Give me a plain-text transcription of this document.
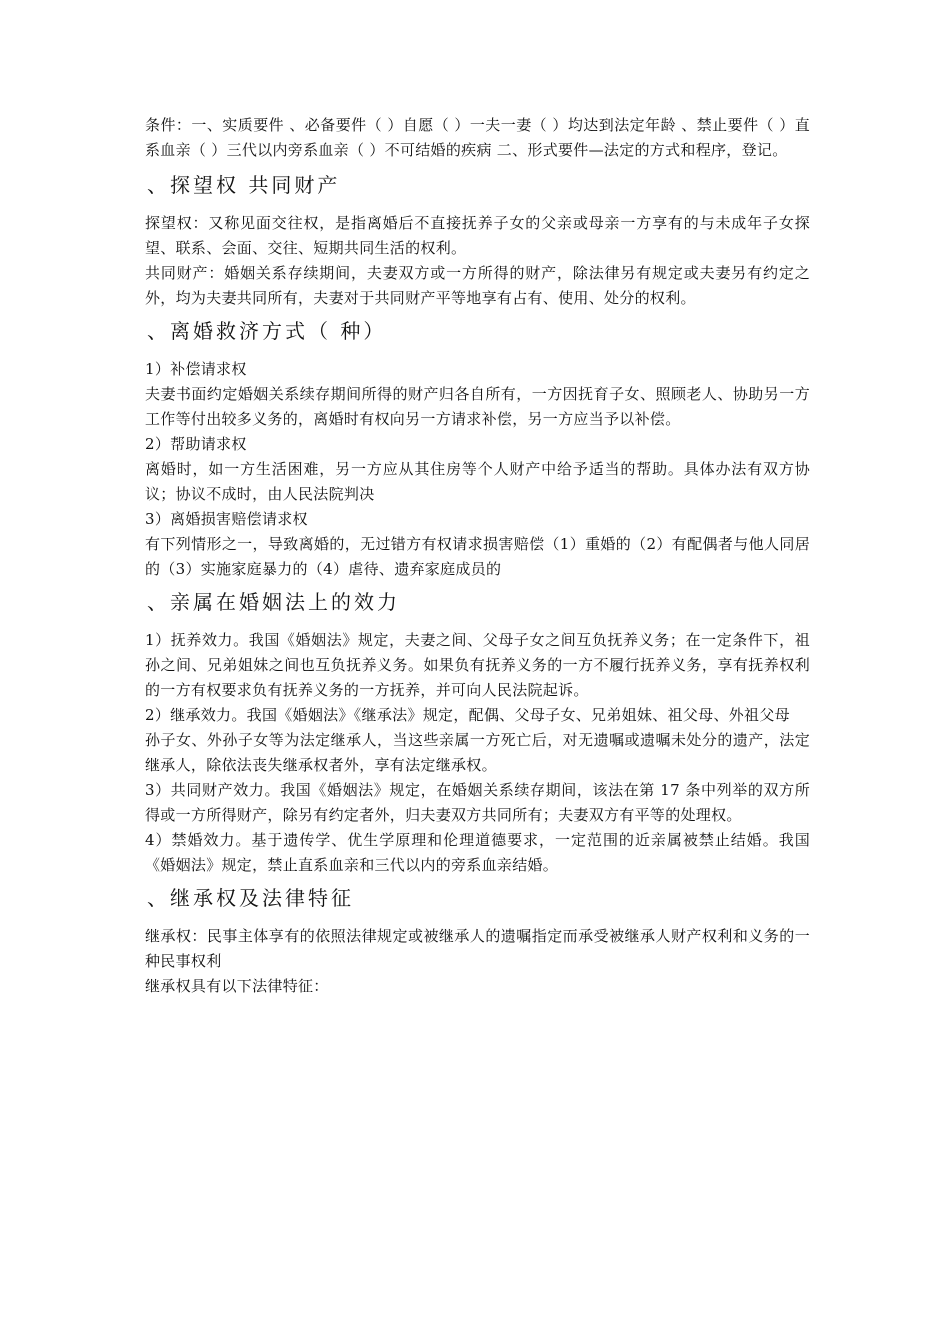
条件：一、实质要件 、必备要件（ ）自愿（ ）一夫一妻（ ）均达到法定年龄 、禁止要件（ ）直系血亲（ ）三代以内旁系血亲（ ）不可结婚的疾病 二、形式要件—法定的方式和程序，登记。

、探望权 共同财产

探望权：又称见面交往权，是指离婚后不直接抚养子女的父亲或母亲一方享有的与未成年子女探望、联系、会面、交往、短期共同生活的权利。

共同财产：婚姻关系存续期间，夫妻双方或一方所得的财产，除法律另有规定或夫妻另有约定之外，均为夫妻共同所有，夫妻对于共同财产平等地享有占有、使用、处分的权利。

、离婚救济方式（ 种）

1）补偿请求权

夫妻书面约定婚姻关系续存期间所得的财产归各自所有，一方因抚育子女、照顾老人、协助另一方工作等付出较多义务的，离婚时有权向另一方请求补偿，另一方应当予以补偿。

2）帮助请求权

离婚时，如一方生活困难，另一方应从其住房等个人财产中给予适当的帮助。具体办法有双方协议；协议不成时，由人民法院判决

3）离婚损害赔偿请求权

有下列情形之一，导致离婚的，无过错方有权请求损害赔偿（1）重婚的（2）有配偶者与他人同居的（3）实施家庭暴力的（4）虐待、遗弃家庭成员的

、亲属在婚姻法上的效力

1）抚养效力。我国《婚姻法》规定，夫妻之间、父母子女之间互负抚养义务；在一定条件下，祖孙之间、兄弟姐妹之间也互负抚养义务。如果负有抚养义务的一方不履行抚养义务，享有抚养权利的一方有权要求负有抚养义务的一方抚养，并可向人民法院起诉。

2）继承效力。我国《婚姻法》《继承法》规定，配偶、父母子女、兄弟姐妹、祖父母、外祖父母

孙子女、外孙子女等为法定继承人，当这些亲属一方死亡后，对无遗嘱或遗嘱未处分的遗产，法定继承人，除依法丧失继承权者外，享有法定继承权。

3）共同财产效力。我国《婚姻法》规定，在婚姻关系续存期间，该法在第 17 条中列举的双方所得或一方所得财产，除另有约定者外，归夫妻双方共同所有；夫妻双方有平等的处理权。

4）禁婚效力。基于遗传学、优生学原理和伦理道德要求，一定范围的近亲属被禁止结婚。我国《婚姻法》规定，禁止直系血亲和三代以内的旁系血亲结婚。

、继承权及法律特征

继承权：民事主体享有的依照法律规定或被继承人的遗嘱指定而承受被继承人财产权利和义务的一种民事权利

继承权具有以下法律特征：
